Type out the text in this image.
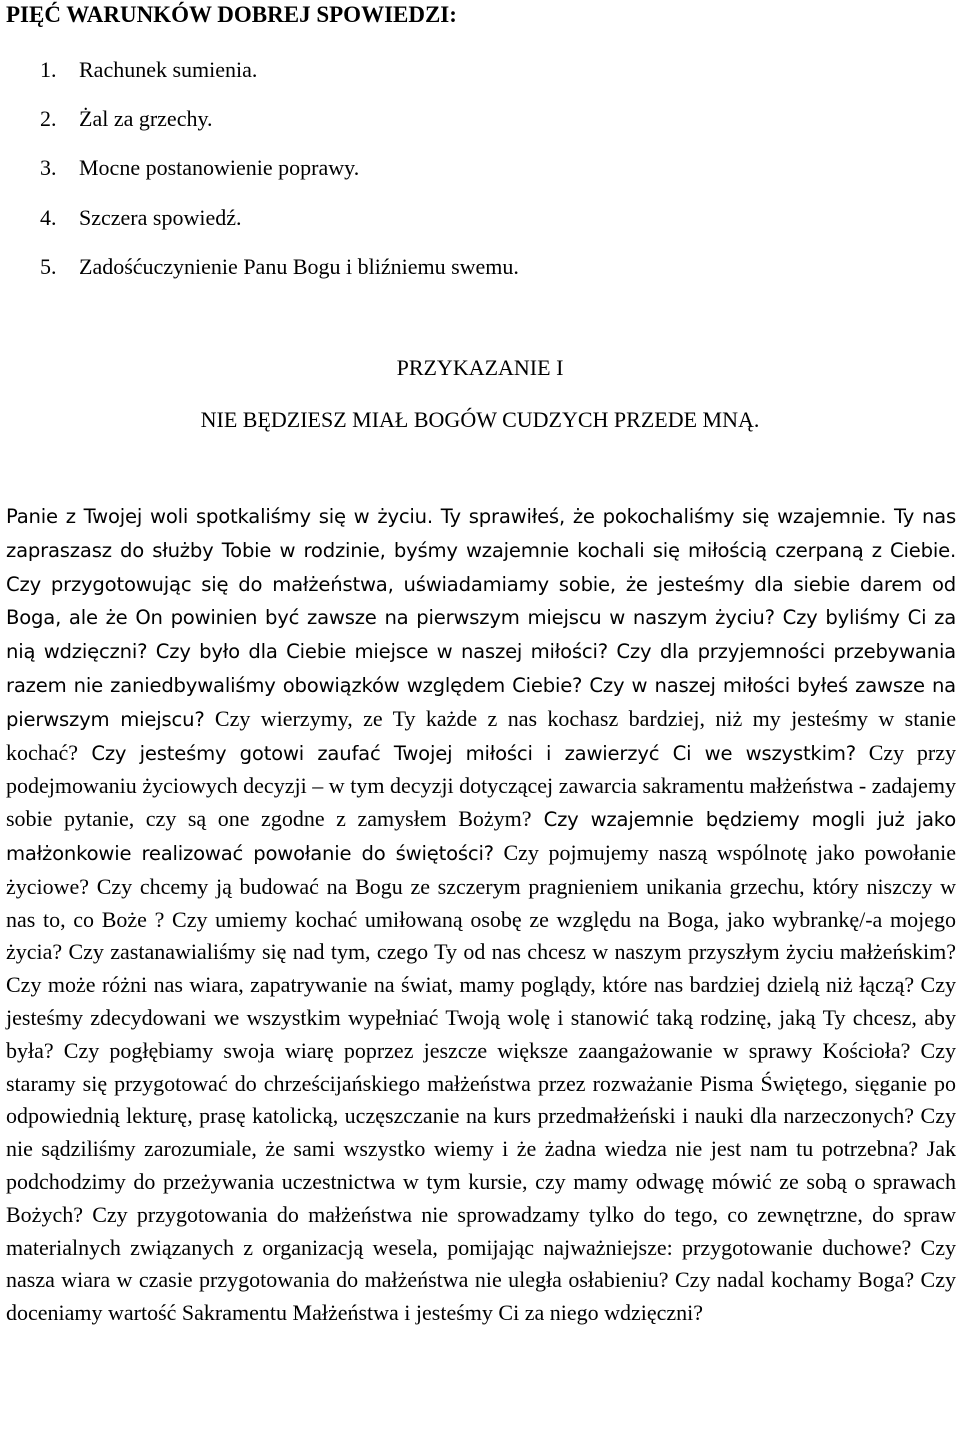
PIĘĆ WARUNKÓW DOBREJ SPOWIEDZI:
1. Rachunek sumienia.
2. Żal za grzechy.
3. Mocne postanowienie poprawy.
4. Szczera spowiedź.
5. Zadośćuczynienie Panu Bogu i bliźniemu swemu.
PRZYKAZANIE I
NIE BĘDZIESZ MIAŁ BOGÓW CUDZYCH PRZEDE MNĄ.

Panie z Twojej woli spotkaliśmy się w życiu. Ty sprawiłeś, że pokochaliśmy się wzajemnie. Ty nas zapraszasz do służby Tobie w rodzinie, byśmy wzajemnie kochali się miłością czerpaną z Ciebie. Czy przygotowując się do małżeństwa, uświadamiamy sobie, że jesteśmy dla siebie darem od Boga, ale że On powinien być zawsze na pierwszym miejscu w naszym życiu? Czy byliśmy Ci za nią wdzięczni? Czy było dla Ciebie miejsce w naszej miłości? Czy dla przyjemności przebywania razem nie zaniedbywaliśmy obowiązków względem Ciebie? Czy w naszej miłości byłeś zawsze na pierwszym miejscu? Czy wierzymy, ze Ty każde z nas kochasz bardziej, niż my jesteśmy w stanie kochać? Czy jesteśmy gotowi zaufać Twojej miłości i zawierzyć Ci we wszystkim? Czy przy podejmowaniu życiowych decyzji – w tym decyzji dotyczącej zawarcia sakramentu małżeństwa - zadajemy sobie pytanie, czy są one zgodne z zamysłem Bożym? Czy wzajemnie będziemy mogli już jako małżonkowie realizować powołanie do świętości? Czy pojmujemy naszą wspólnotę jako powołanie życiowe? Czy chcemy ją budować na Bogu ze szczerym pragnieniem unikania grzechu, który niszczy w nas to, co Boże ? Czy umiemy kochać umiłowaną osobę ze względu na Boga, jako wybrankę/-a mojego życia? Czy zastanawialiśmy się nad tym, czego Ty od nas chcesz w naszym przyszłym życiu małżeńskim? Czy może różni nas wiara, zapatrywanie na świat, mamy poglądy, które nas bardziej dzielą niż łączą? Czy jesteśmy zdecydowani we wszystkim wypełniać Twoją wolę i stanowić taką rodzinę, jaką Ty chcesz, aby była? Czy pogłębiamy swoja wiarę poprzez jeszcze większe zaangażowanie w sprawy Kościoła? Czy staramy się przygotować do chrześcijańskiego małżeństwa przez rozważanie Pisma Świętego, sięganie po odpowiednią lekturę, prasę katolicką, uczęszczanie na kurs przedmałżeński i nauki dla narzeczonych? Czy nie sądziliśmy zarozumiale, że sami wszystko wiemy i że żadna wiedza nie jest nam tu potrzebna? Jak podchodzimy do przeżywania uczestnictwa w tym kursie, czy mamy odwagę mówić ze sobą o sprawach Bożych? Czy przygotowania do małżeństwa nie sprowadzamy tylko do tego, co zewnętrzne, do spraw materialnych związanych z organizacją wesela, pomijając najważniejsze: przygotowanie duchowe? Czy nasza wiara w czasie przygotowania do małżeństwa nie uległa osłabieniu? Czy nadal kochamy Boga? Czy doceniamy wartość Sakramentu Małżeństwa i jesteśmy Ci za niego wdzięczni?
